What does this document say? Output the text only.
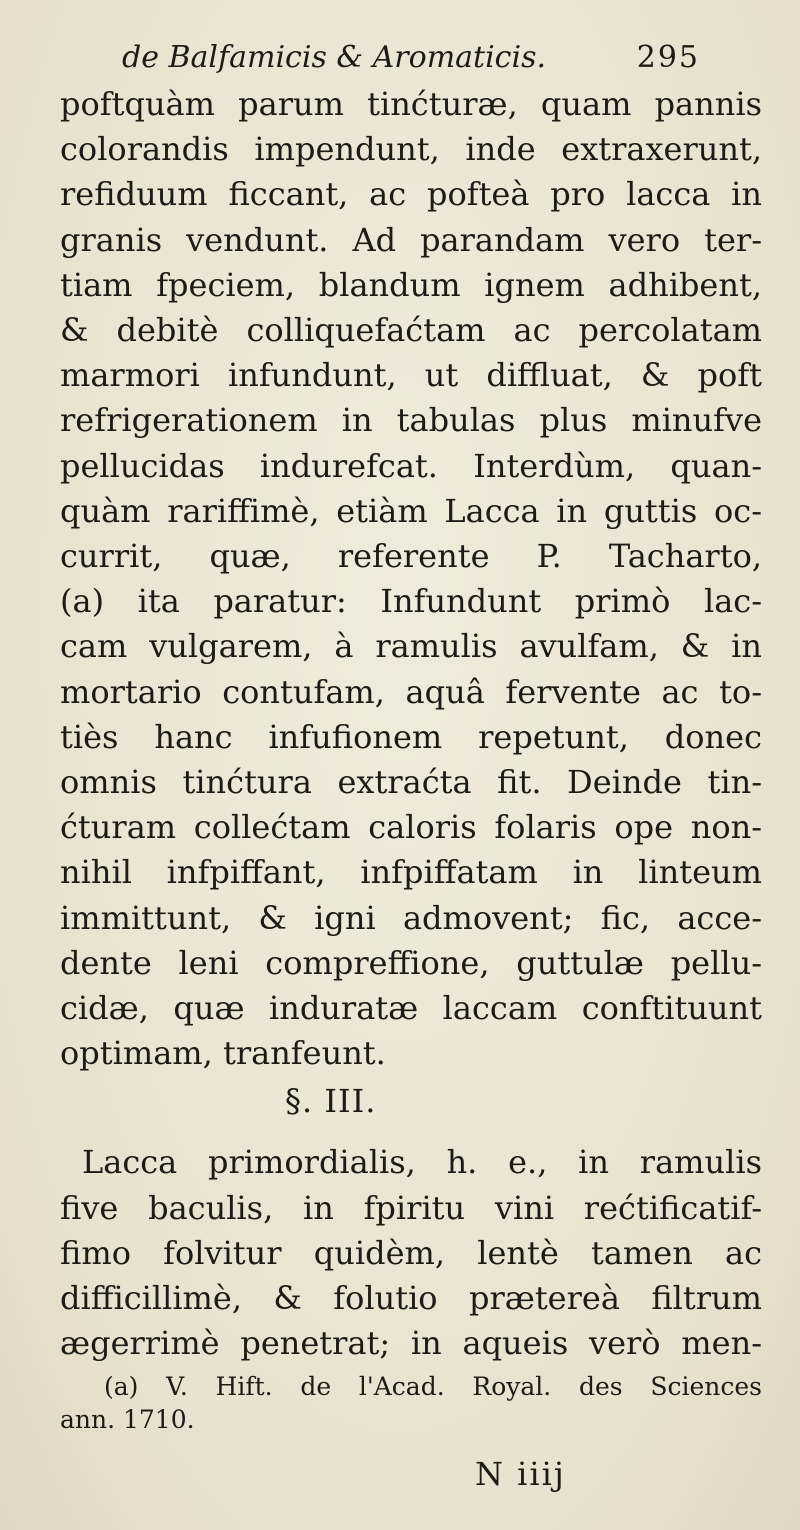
de Balfamicis & Aromaticis.	295
poftquàm parum tinćturæ, quam pannis
colorandis impendunt, inde extraxerunt,
refiduum ficcant, ac pofteà pro lacca in
granis vendunt. Ad parandam vero ter-
tiam fpeciem, blandum ignem adhibent,
& debitè colliquefaćtam ac percolatam
marmori infundunt, ut diffluat, & poft
refrigerationem in tabulas plus minufve
pellucidas indurefcat. Interdùm, quan-
quàm rariffimè, etiàm Lacca in guttis oc-
currit, quæ, referente P. Tacharto,
(a) ita paratur: Infundunt primò lac-
cam vulgarem, à ramulis avulfam, & in
mortario contufam, aquâ fervente ac to-
tiès hanc infufionem repetunt, donec
omnis tinćtura extraćta fit. Deinde tin-
ćturam collećtam caloris folaris ope non-
nihil infpiffant, infpiffatam in linteum
immittunt, & igni admovent; fic, acce-
dente leni compreffione, guttulæ pellu-
cidæ, quæ induratæ laccam conftituunt
optimam, tranfeunt.
§. III.
Lacca primordialis, h. e., in ramulis
five baculis, in fpiritu vini rećtificatif-
fimo folvitur quidèm, lentè tamen ac
difficillimè, & folutio prætereà filtrum
ægerrimè penetrat; in aqueis verò men-
(a) V. Hift. de l'Acad. Royal. des Sciences
ann. 1710.
N iiij
